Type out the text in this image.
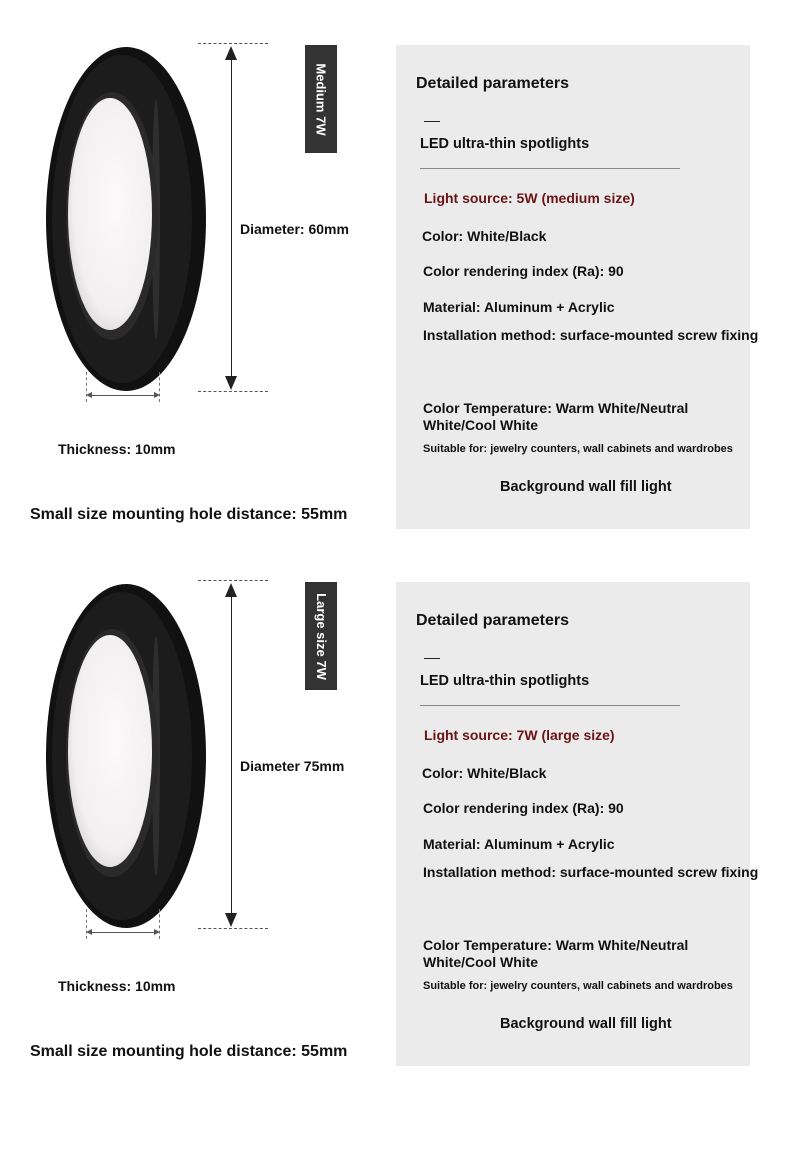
Diameter: 60mm
Medium 7W
Thickness: 10mm
Small size mounting hole distance: 55mm
Detailed parameters
LED ultra-thin spotlights
Light source: 5W (medium size)
Color: White/Black
Color rendering index (Ra): 90
Material: Aluminum + Acrylic
Installation method: surface-mounted screw fixing
Color Temperature: Warm White/Neutral White/Cool White
Suitable for: jewelry counters, wall cabinets and wardrobes
Background wall fill light
Diameter 75mm
Large size 7W
Thickness: 10mm
Small size mounting hole distance: 55mm
Detailed parameters
LED ultra-thin spotlights
Light source: 7W (large size)
Color: White/Black
Color rendering index (Ra): 90
Material: Aluminum + Acrylic
Installation method: surface-mounted screw fixing
Color Temperature: Warm White/Neutral White/Cool White
Suitable for: jewelry counters, wall cabinets and wardrobes
Background wall fill light
